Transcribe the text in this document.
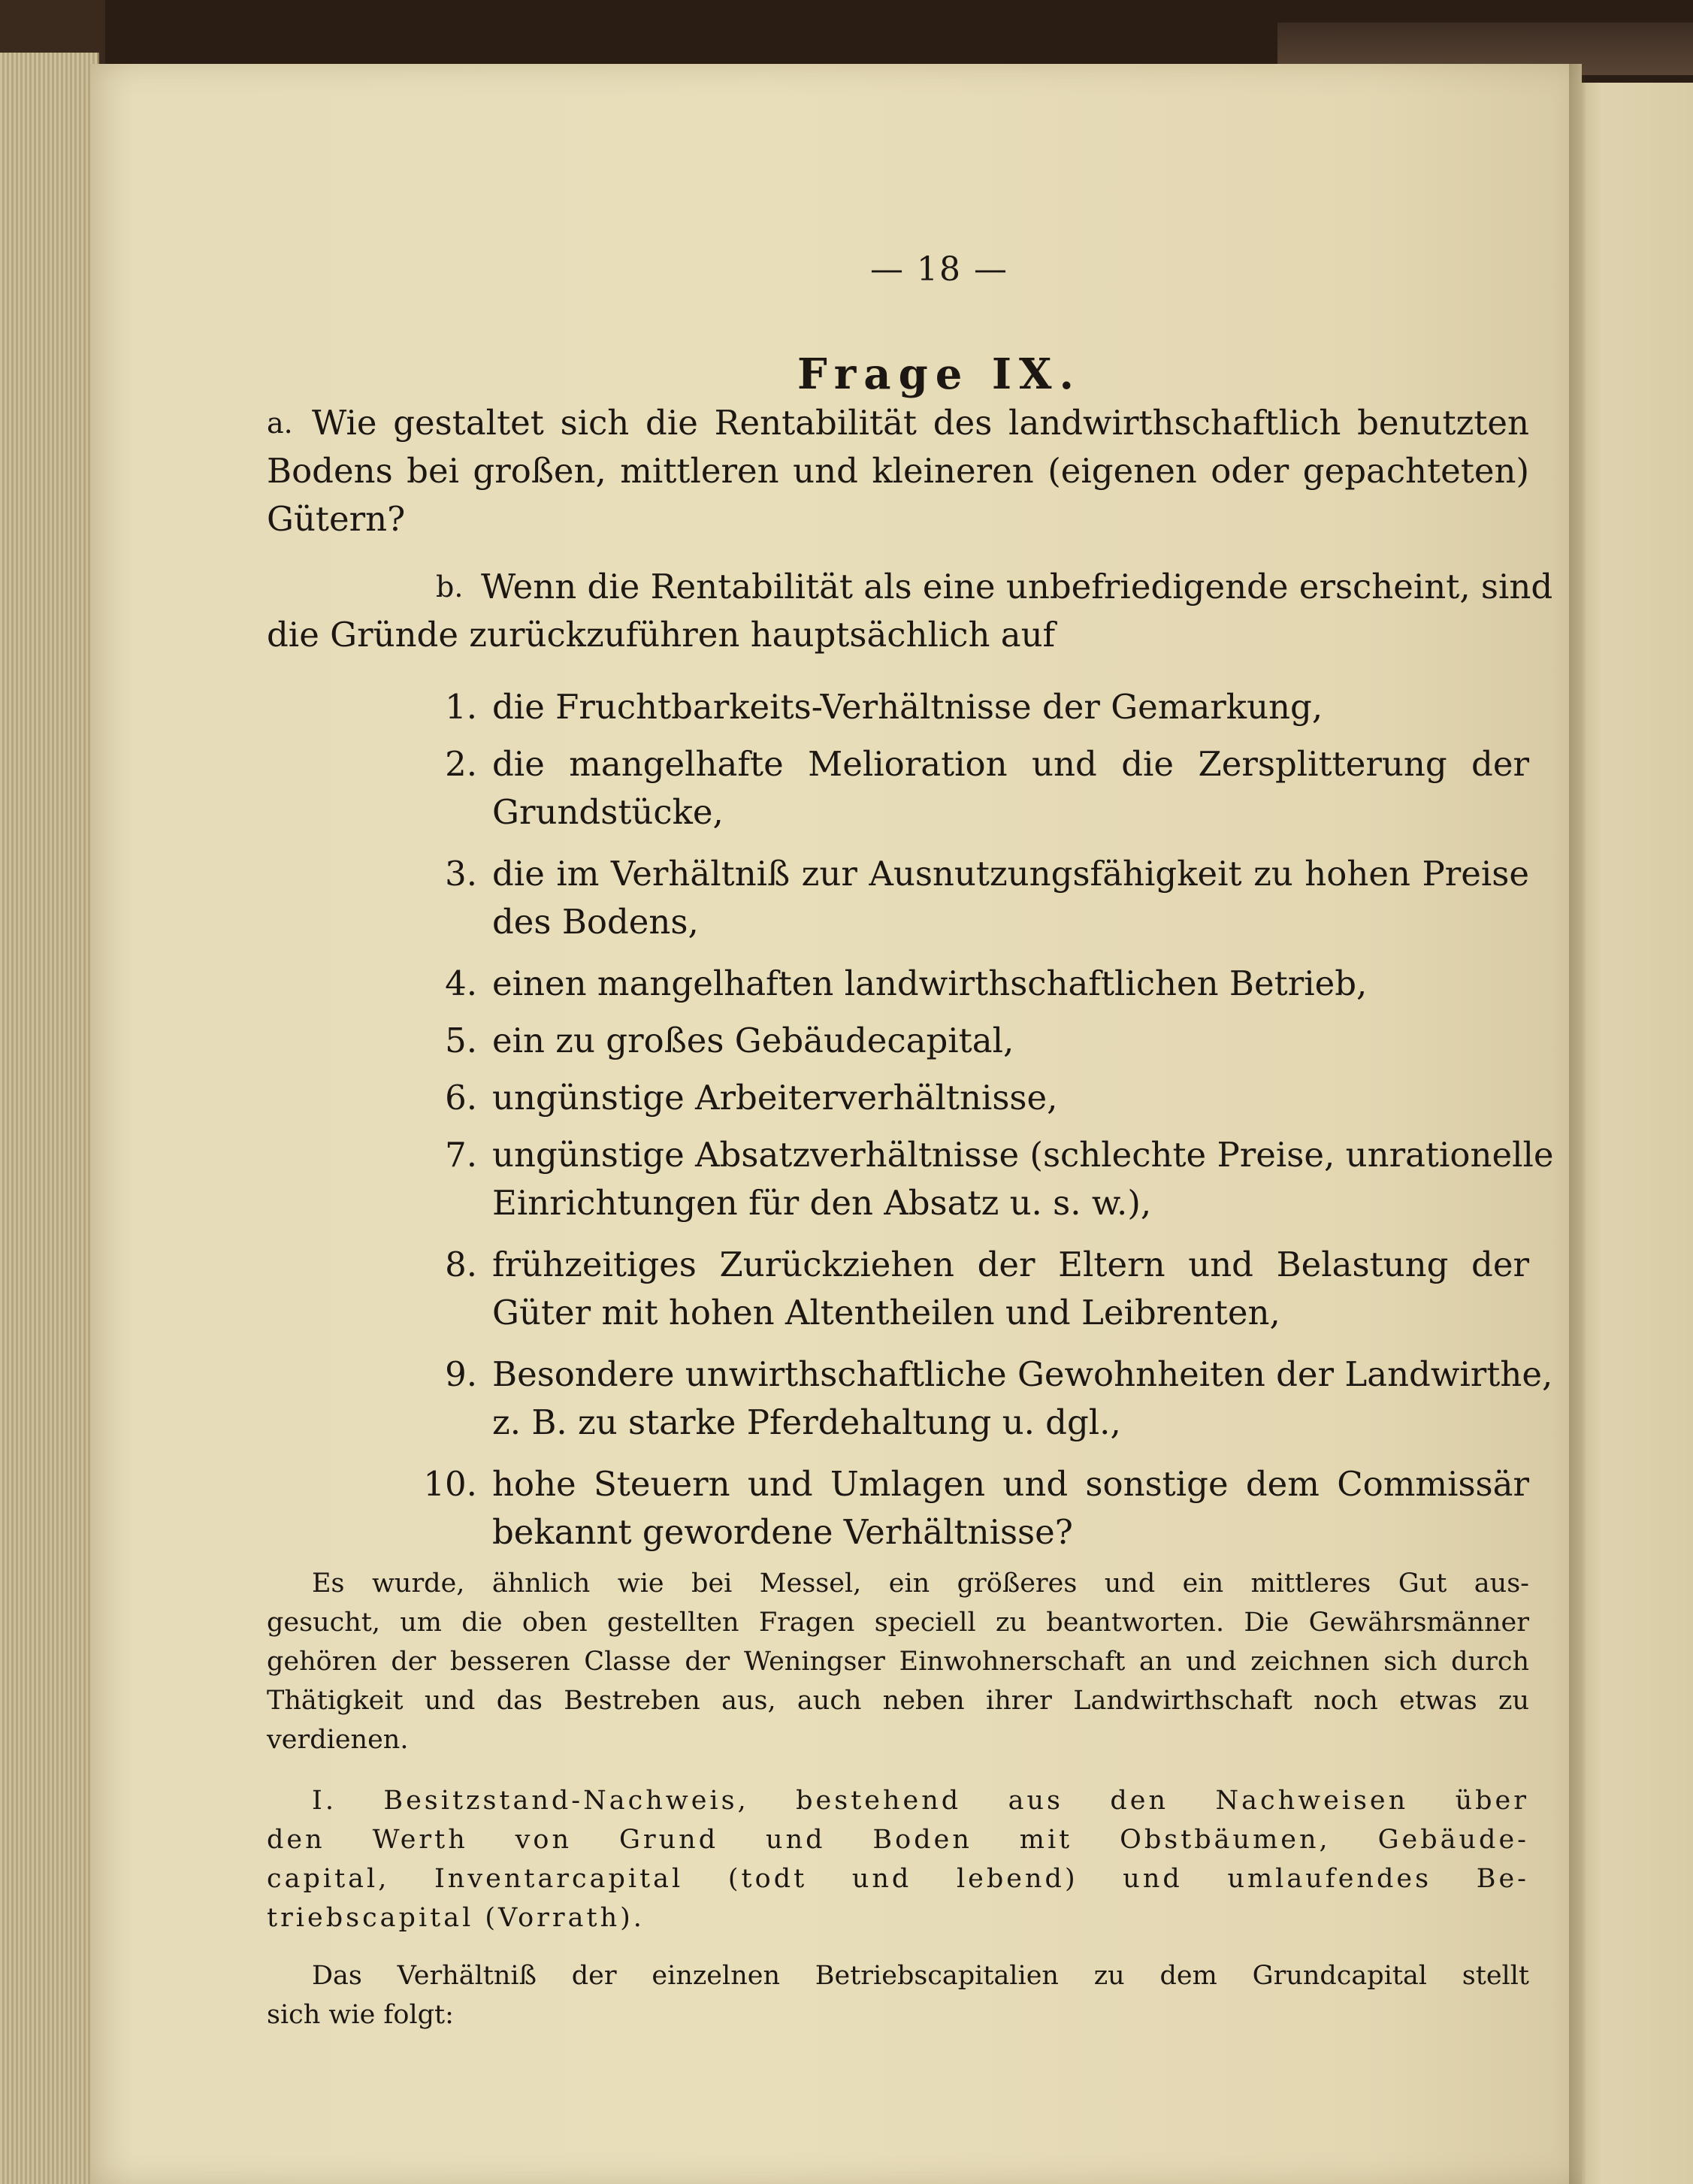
— 18 —
Frage IX.
a. Wie gestaltet sich die Rentabilität des landwirthschaftlich benutzten
Bodens bei großen, mittleren und kleineren (eigenen oder gepachteten)
Gütern?
b. Wenn die Rentabilität als eine unbefriedigende erscheint, sind
die Gründe zurückzuführen hauptsächlich auf
1. die Fruchtbarkeits-Verhältnisse der Gemarkung,
2. die mangelhafte Melioration und die Zersplitterung der
Grundstücke,
3. die im Verhältniß zur Ausnutzungsfähigkeit zu hohen Preise
des Bodens,
4. einen mangelhaften landwirthschaftlichen Betrieb,
5. ein zu großes Gebäudecapital,
6. ungünstige Arbeiterverhältnisse,
7. ungünstige Absatzverhältnisse (schlechte Preise, unrationelle
Einrichtungen für den Absatz u. s. w.),
8. frühzeitiges Zurückziehen der Eltern und Belastung der
Güter mit hohen Altentheilen und Leibrenten,
9. Besondere unwirthschaftliche Gewohnheiten der Landwirthe,
z. B. zu starke Pferdehaltung u. dgl.,
10. hohe Steuern und Umlagen und sonstige dem Commissär
bekannt gewordene Verhältnisse?
Es wurde, ähnlich wie bei Messel, ein größeres und ein mittleres Gut aus-
gesucht, um die oben gestellten Fragen speciell zu beantworten. Die Gewährsmänner
gehören der besseren Classe der Weningser Einwohnerschaft an und zeichnen sich durch
Thätigkeit und das Bestreben aus, auch neben ihrer Landwirthschaft noch etwas zu
verdienen.
I. Besitzstand-Nachweis, bestehend aus den Nachweisen über
den Werth von Grund und Boden mit Obstbäumen, Gebäude-
capital, Inventarcapital (todt und lebend) und umlaufendes Be-
triebscapital (Vorrath).
Das Verhältniß der einzelnen Betriebscapitalien zu dem Grundcapital stellt
sich wie folgt:
